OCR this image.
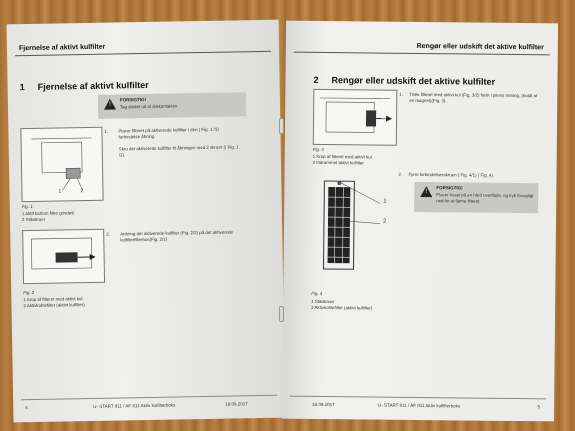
Fjernelse af aktivt kulfilter
1 Fjernelse af aktivt kulfilter
!
FORSIGTIG!
Tag stikket ud af stikkontakten
1	2
Fig. 1
1 Aktif karbon filtre gövdesi
2 Stikskruer
1. Placer filteret på aktiverede kulfilter i den ( Fig. 1 /1) forbindelse åbning
Skru det aktiverede kulfilter til åbningen med 2 skruer (( Fig. 1 /2).
Fig. 2
1 Krop af filteret med aktivt kul
2 Aktivkohlefilter (aktivt kulfilter)
2. Anbring det aktiverede kulfilter (Fig. 2/2) på det aktiverede kulfilterfilterhus(Fig. 2/1)
4	U- START 811 / AF 811 Aktiv kulfilterboks	18.09.2017
Rengør eller udskift det aktive kulfilter
2 Rengør eller udskift det aktive kulfilter
Fig. 3
1 Krop af filteret med aktivt kul
2 Indrammet aktivt kulfilter
1. Træk filteret med aktivt kul (Fig. 3/2) frem i pilens retning. (holdt af en magnet)(Fig. 3).
1
2
Fig. 4
1 Stikskruer
2 Aktivkohlefilter (aktivt kulfilter)
2. Fjern forbindelsesskruen ( Fig. 4/1) ( Fig. 4).
!
FORSIGTIG!
Placer huset på en hård overflade, og tryk forsigtigt ned for at fjerne filteret.
18.09.2017	U- START 811 / AF 811 Aktiv kulfilterboks	5
